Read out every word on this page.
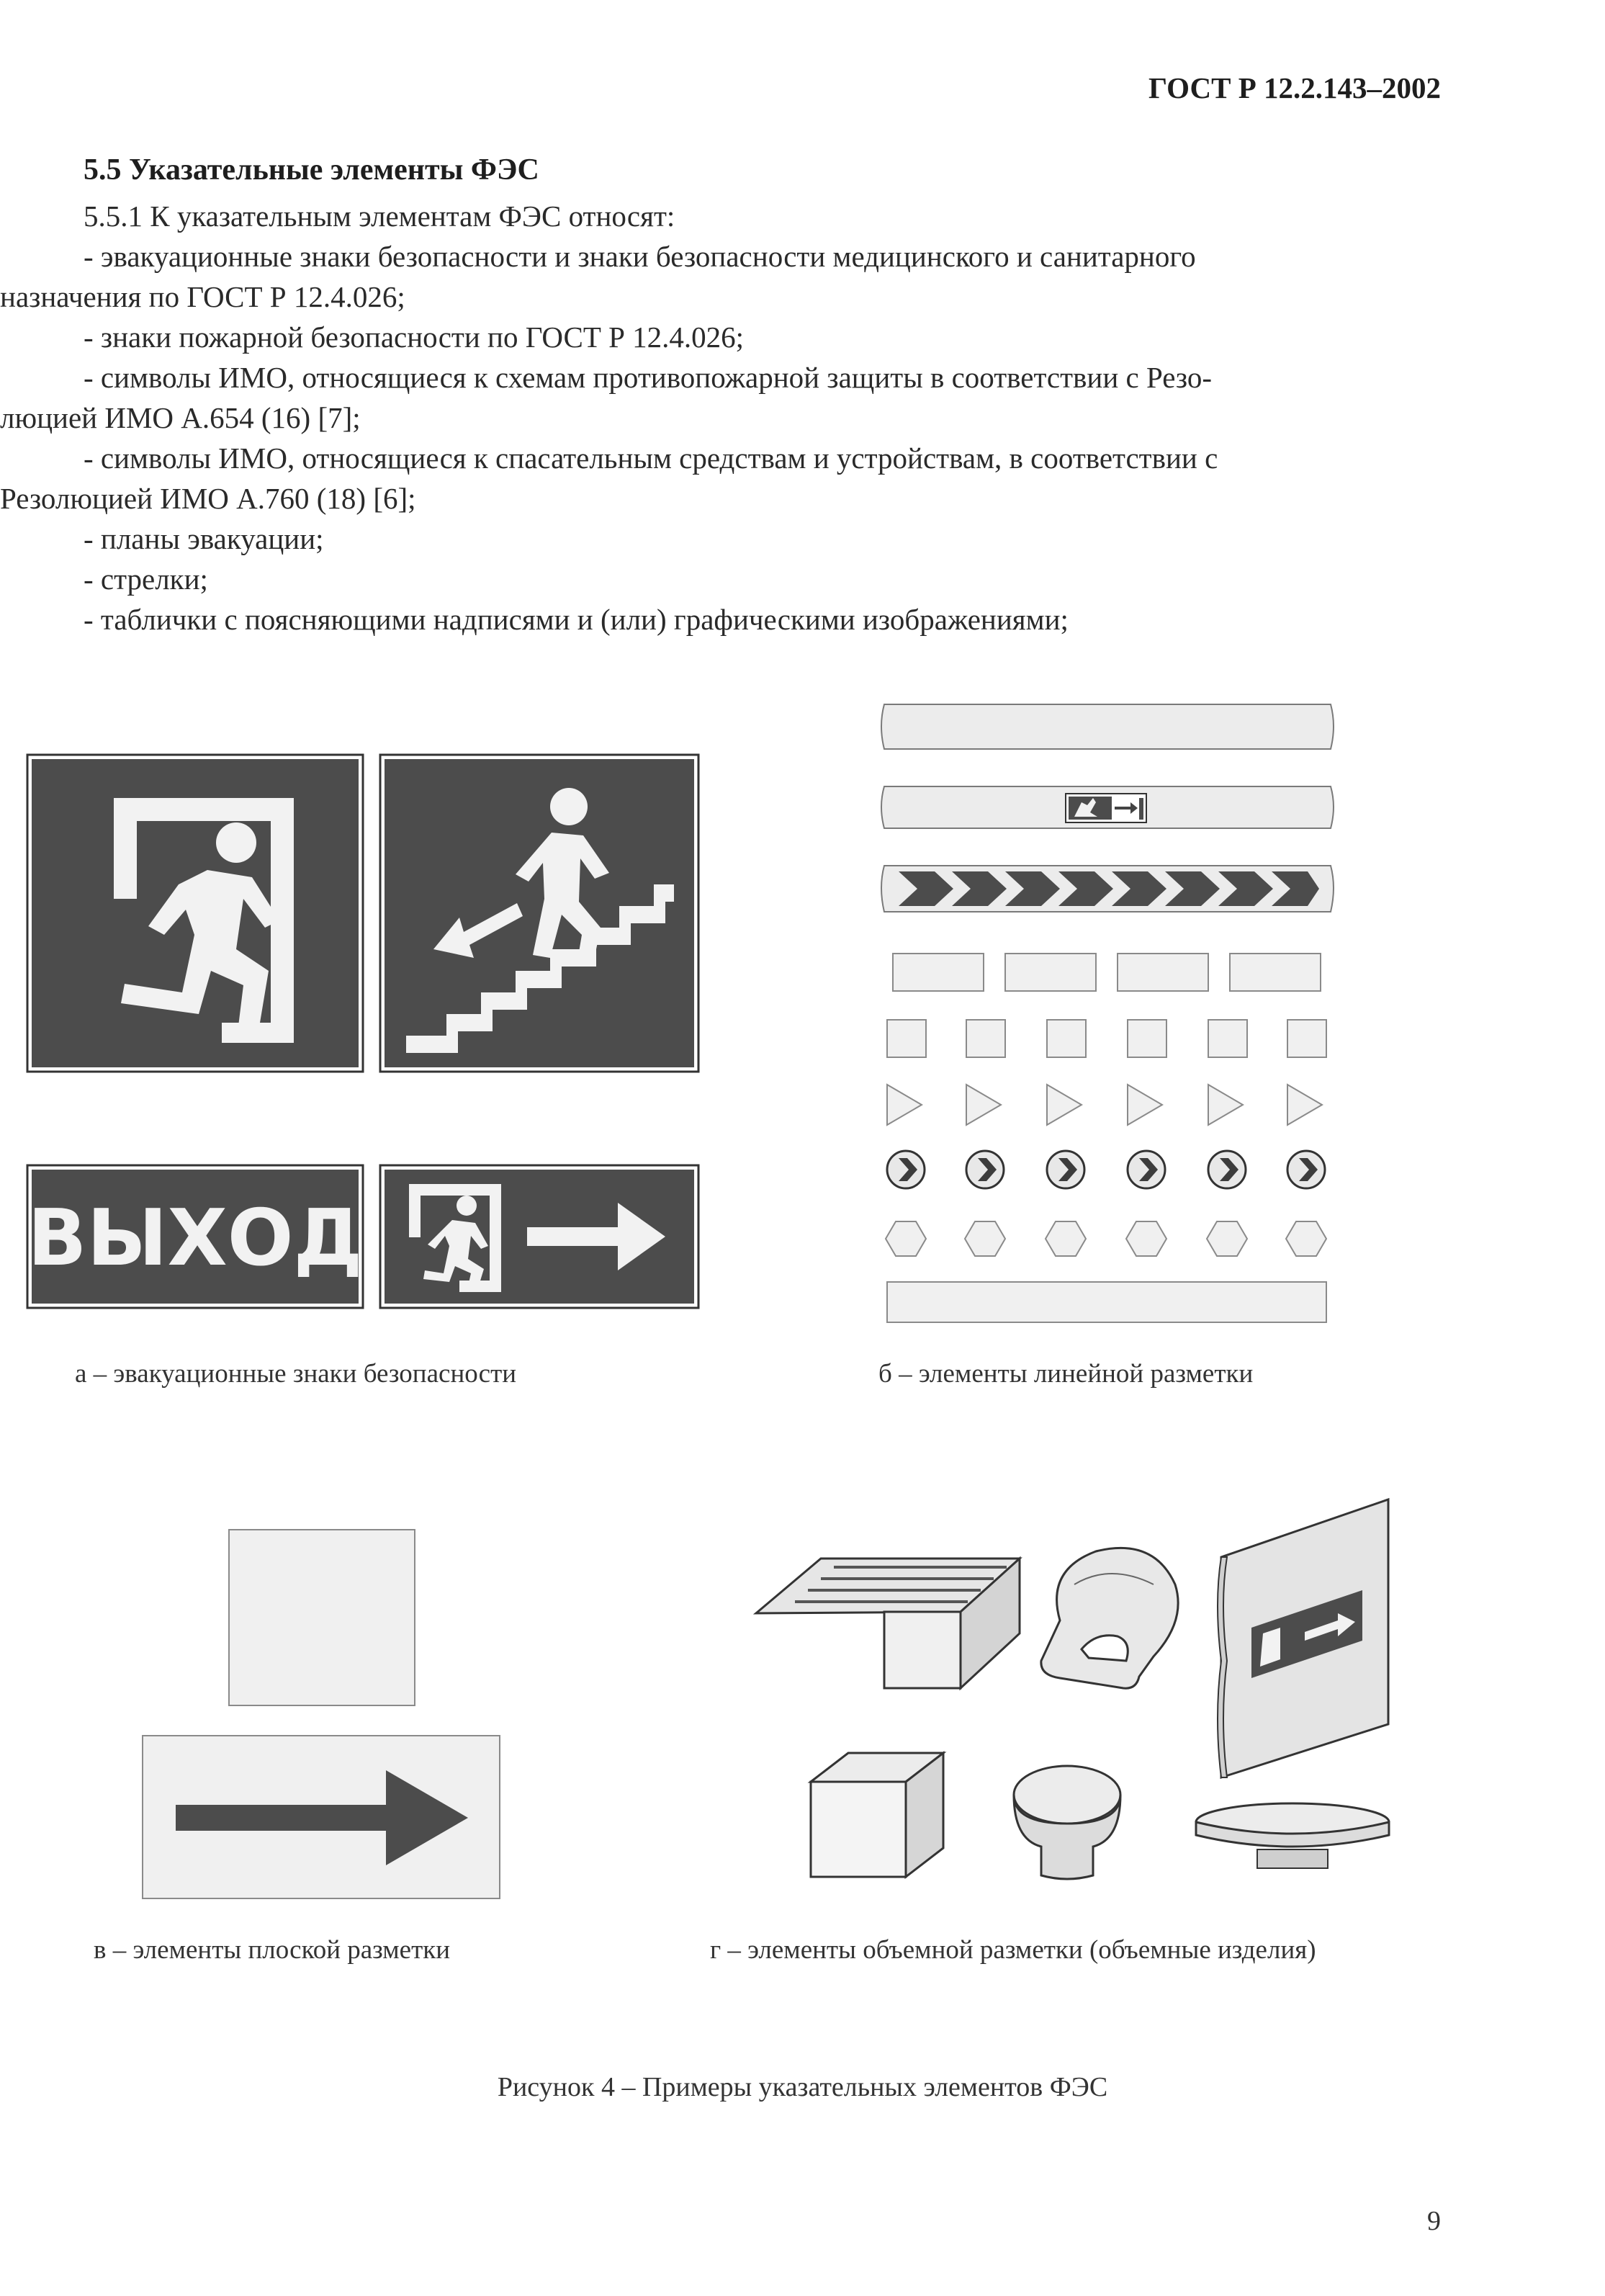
ГОСТ Р 12.2.143–2002
5.5 Указательные элементы ФЭС

5.5.1 К указательным элементам ФЭС относят:

- эвакуационные знаки безопасности и знаки безопасности медицинского и санитарного

назначения по ГОСТ Р 12.4.026;

- знаки пожарной безопасности по ГОСТ Р 12.4.026;

- символы ИМО, относящиеся к схемам противопожарной защиты в соответствии с Резо-

люцией ИМО А.654 (16) [7];

- символы ИМО, относящиеся к спасательным средствам и устройствам, в соответствии с

Резолюцией ИМО А.760 (18) [6];

- планы эвакуации;

- стрелки;

- таблички с поясняющими надписями и (или) графическими изображениями;

ВЫХОД
а – эвакуационные знаки безопасности	б – элементы линейной разметки
в – элементы плоской разметки	г – элементы объемной разметки (объемные изделия)
Рисунок 4 – Примеры указательных элементов ФЭС
9
